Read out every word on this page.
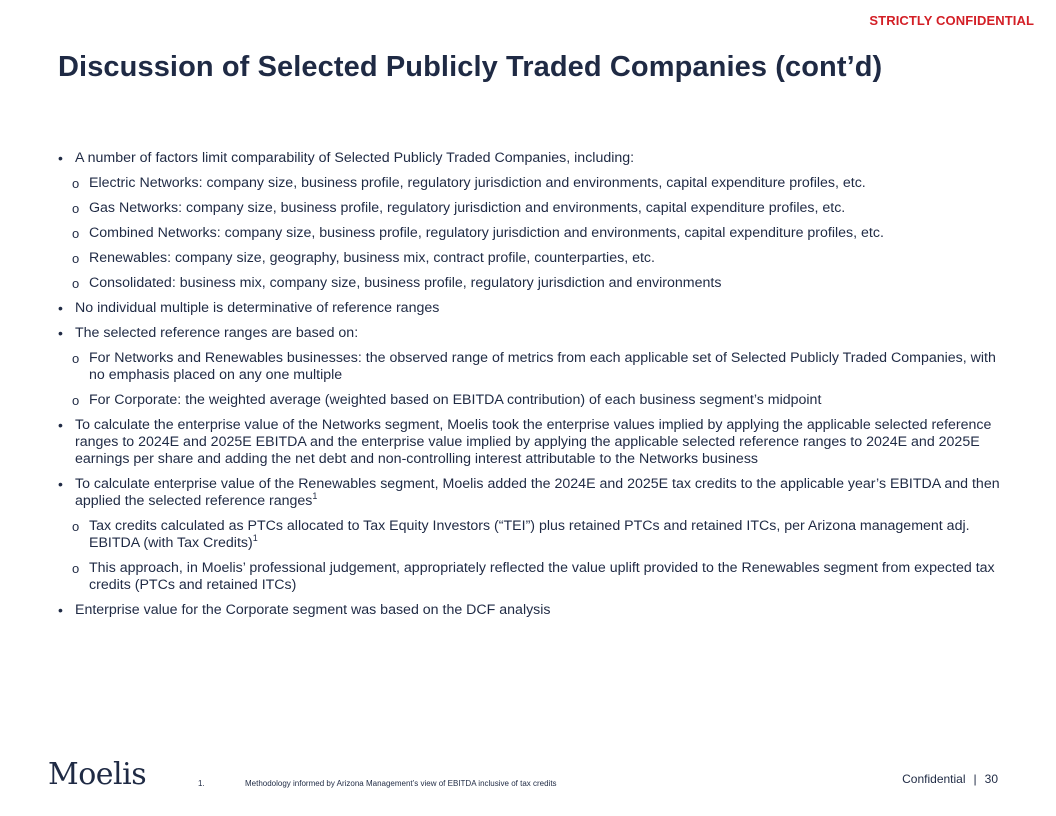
STRICTLY CONFIDENTIAL
Discussion of Selected Publicly Traded Companies (cont’d)
• A number of factors limit comparability of Selected Publicly Traded Companies, including:
o Electric Networks: company size, business profile, regulatory jurisdiction and environments, capital expenditure profiles, etc.
o Gas Networks: company size, business profile, regulatory jurisdiction and environments, capital expenditure profiles, etc.
o Combined Networks: company size, business profile, regulatory jurisdiction and environments, capital expenditure profiles, etc.
o Renewables: company size, geography, business mix, contract profile, counterparties, etc.
o Consolidated: business mix, company size, business profile, regulatory jurisdiction and environments
• No individual multiple is determinative of reference ranges
• The selected reference ranges are based on:
o For Networks and Renewables businesses: the observed range of metrics from each applicable set of Selected Publicly Traded Companies, with no emphasis placed on any one multiple
o For Corporate: the weighted average (weighted based on EBITDA contribution) of each business segment’s midpoint
• To calculate the enterprise value of the Networks segment, Moelis took the enterprise values implied by applying the applicable selected reference ranges to 2024E and 2025E EBITDA and the enterprise value implied by applying the applicable selected reference ranges to 2024E and 2025E earnings per share and adding the net debt and non-controlling interest attributable to the Networks business
• To calculate enterprise value of the Renewables segment, Moelis added the 2024E and 2025E tax credits to the applicable year’s EBITDA and then applied the selected reference ranges$^1$
o Tax credits calculated as PTCs allocated to Tax Equity Investors (“TEI”) plus retained PTCs and retained ITCs, per Arizona management adj. EBITDA (with Tax Credits)$^1$
o This approach, in Moelis’ professional judgement, appropriately reflected the value uplift provided to the Renewables segment from expected tax credits (PTCs and retained ITCs)
• Enterprise value for the Corporate segment was based on the DCF analysis
Moelis	1.	Methodology informed by Arizona Management’s view of EBITDA inclusive of tax credits	Confidential | 30
